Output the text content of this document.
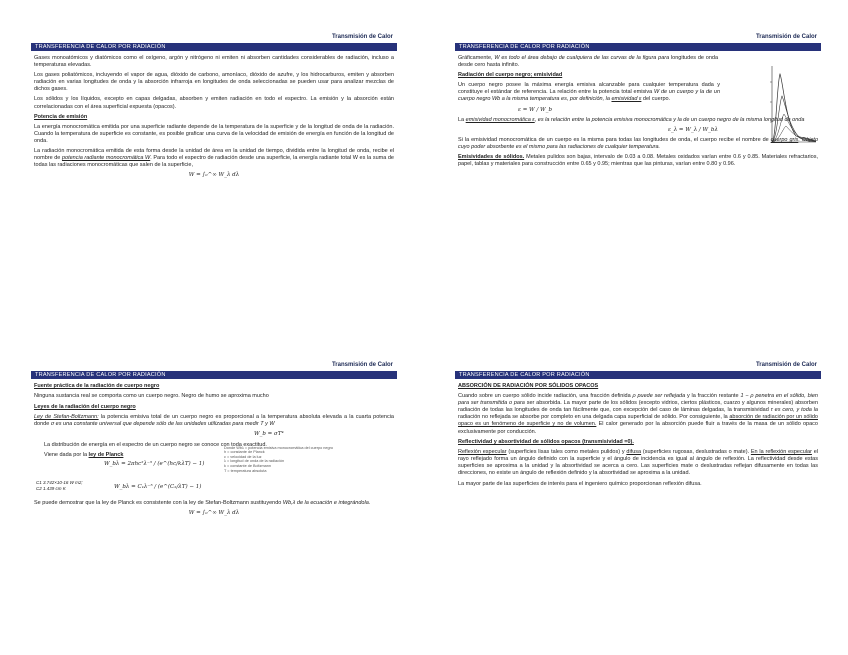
Transmisión de Calor
TRANSFERENCIA DE CALOR POR RADIACIÓN

Gases monoatómicos y diatómicos como el oxígeno, argón y nitrógeno ni emiten ni absorben cantidades considerables de radiación, incluso a temperaturas elevadas.

Los gases poliatómicos, incluyendo el vapor de agua, dióxido de carbono, amoníaco, dióxido de azufre, y los hidrocarburos, emiten y absorben radiación en varias longitudes de onda y la absorción infrarroja en longitudes de onda seleccionadas se pueden usar para analizar mezclas de dichos gases.

Los sólidos y los líquidos, excepto en capas delgadas, absorben y emiten radiación en todo el espectro. La emisión y la absorción están correlacionadas con el área superficial expuesta (opacos).

Potencia de emisión

La energía monocromática emitida por una superficie radiante depende de la temperatura de la superficie y de la longitud de onda de la radiación. Cuando la temperatura de superficie es constante, es posible graficar una curva de la velocidad de emisión de energía en función de la longitud de onda.

La radiación monocromática emitida de esta forma desde la unidad de área en la unidad de tiempo, dividida entre la longitud de onda, recibe el nombre de potencia radiante monocromática W. Para todo el espectro de radiación desde una superficie, la energía radiante total W es la suma de todas las radiaciones monocromáticas que salen de la superficie,

W = ∫₀^∞ W_λ dλ

Transmisión de Calor
TRANSFERENCIA DE CALOR POR RADIACIÓN

Gráficamente, W es todo el área debajo de cualquiera de las curvas de la figura para longitudes de onda desde cero hasta infinito.

Radiación del cuerpo negro; emisividad

Un cuerpo negro posee la máxima energía emisiva alcanzable para cualquier temperatura dada y constituye el estándar de referencia. La relación entre la potencia total emisiva W de un cuerpo y la de un cuerpo negro Wb a la misma temperatura es, por definición, la emisividad ε del cuerpo.

ε = W / W_b

La emisividad monocromática ε, es la relación entre la potencia emisiva monocromática y la de un cuerpo negro de la misma longitud de onda

ε_λ = W_λ / W_bλ

Si la emisividad monocromática de un cuerpo es la misma para todas las longitudes de onda, el cuerpo recibe el nombre de cuerpo gris. Objeto cuyo poder absorbente es el mismo para las radiaciones de cualquier temperatura.

Emisividades de sólidos. Metales pulidos son bajas, intervalo de 0.03 a 0.08. Metales oxidados varían entre 0.6 y 0.85. Materiales refractarios, papel, tablas y materiales para construcción entre 0.65 y 0.95; mientras que las pinturas, varían entre 0.80 y 0.96.

Transmisión de Calor
TRANSFERENCIA DE CALOR POR RADIACIÓN

Fuente práctica de la radiación de cuerpo negro

Ninguna sustancia real se comporta como un cuerpo negro. Negro de humo se aproxima mucho

Leyes de la radiación del cuerpo negro

Ley de Stefan-Boltzmann: la potencia emisiva total de un cuerpo negro es proporcional a la temperatura absoluta elevada a la cuarta potencia donde σ es una constante universal que depende sólo de las unidades utilizadas para medir T y W

W_b = σT⁴

La distribución de energía en el espectro de un cuerpo negro se conoce con toda exactitud.

Viene dada por la ley de Planck

W_bλ = 2πhc²λ⁻⁵ / (e^(hc/kλT) − 1)

W_bλ = C₁λ⁻⁵ / (e^(C₂/λT) − 1)

C1 3.742×10-16 W m2;

C2 1.439 cm K

Donde Wbλ = potencia emisiva monocromática del cuerpo negro
h = constante de Planck
c = velocidad de la luz
λ = longitud de onda de la radiación
k = constante de Boltzmann
T = temperatura absoluta

Se puede demostrar que la ley de Planck es consistente con la ley de Stefan-Boltzmann sustituyendo Wb,λ de la ecuación e integrándola.

W = ∫₀^∞ W_λ dλ

Transmisión de Calor
TRANSFERENCIA DE CALOR POR RADIACIÓN

ABSORCIÓN DE RADIACIÓN POR SÓLIDOS OPACOS

Cuando sobre un cuerpo sólido incide radiación, una fracción definida ρ puede ser reflejada y la fracción restante 1 − ρ penetra en el sólido, bien para ser transmitida o para ser absorbida. La mayor parte de los sólidos (excepto vidrios, ciertos plásticos, cuarzo y algunos minerales) absorben radiación de todas las longitudes de onda tan fácilmente que, con excepción del caso de láminas delgadas, la transmisividad τ es cero, y toda la radiación no reflejada se absorbe por completo en una delgada capa superficial de sólido. Por consiguiente, la absorción de radiación por un sólido opaco es un fenómeno de superficie y no de volumen. El calor generado por la absorción puede fluir a través de la masa de un sólido opaco exclusivamente por conducción.

Reflectividad y absortividad de sólidos opacos (transmisividad =0).

Reflexión especular (superficies lisas tales como metales pulidos) y difusa (superficies rugosas, deslustradas o mate). En la reflexión especular el rayo reflejado forma un ángulo definido con la superficie y el ángulo de incidencia es igual al ángulo de reflexión. La reflectividad desde estas superficies se aproxima a la unidad y la absortividad se acerca a cero. Las superficies mate o deslustradas reflejan difusamente en todas las direcciones, no existe un ángulo de reflexión definido y la absortividad se aproxima a la unidad.

La mayor parte de las superficies de interés para el ingeniero químico proporcionan reflexión difusa.
